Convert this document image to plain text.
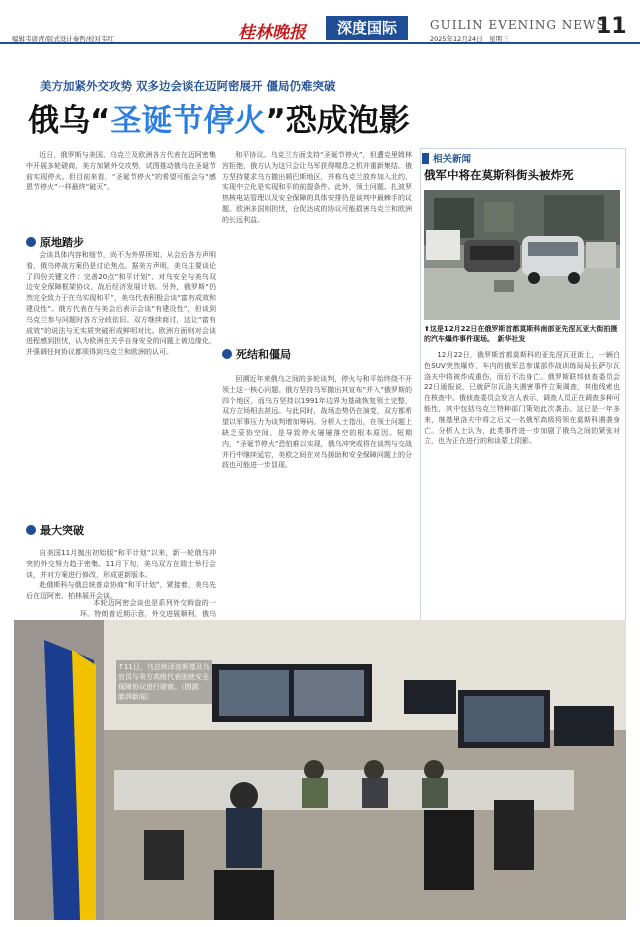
编辑韦唐青/版式设计秦哲/校对韦红	桂林晚报	深度国际	GUILIN EVENING NEWS
2025年12月24日　星期三	11
美方加紧外交攻势 双多边会谈在迈阿密展开 僵局仍难突破
俄乌“圣诞节停火”恐成泡影
近日，俄罗斯与美国、乌克兰及欧洲各方代表在迈阿密集中开展多轮磋商，美方加紧外交攻势，试图推动俄乌在圣诞节前实现停火。但目前来看，“圣诞节停火”的希望可能会与“感恩节停火”一样最终“破灭”。
原地踏步
会谈具体内容和细节，尚不为外界所知。从会后各方声明看，俄乌停战方案仍是讨论焦点。据美方声明，美乌主要谈论了四份关键文件：完善20点“和平计划”、对乌安全与美乌双边安全保障框架协议、战后经济发展计划。另外，俄罗斯“仍然完全致力于在乌实现和平”，美乌代表积极会谈“富有成效和建设性”。俄方代表在与美会后表示会谈“有建设性”，但谈到乌克兰参与问题时各方分歧依旧。双方继续商讨，这让“富有成效”的说法与无实质突破形成鲜明对比。欧洲方面则对会谈进程感到担忧，认为欧洲在关乎自身安全的问题上被边缘化，并强调任何协议都须得到乌克兰和欧洲的认可。
最大突破
自美国11月抛出初始版“和平计划”以来，新一轮俄乌冲突的外交努力趋于密集。11月下旬，美乌双方在瑞士举行会谈，并对方案进行修改，形成更新版本。
赴俄斯科与俄总统普京协商“和平计划”，紧接着，美乌先后在迈阿密、柏林展开会谈。
本轮迈阿密会谈也是系列外交斡旋的一环。特朗普近期示意，外交进展顺利，俄乌
和平协议。乌克兰方面支持“圣诞节停火”，但遭克里姆林宫拒绝，俄方认为这只会让乌军获得喘息之机并重新集结。俄方坚持要求乌方撤出顿巴斯地区，并称乌克兰放弃加入北约、实现中立化是实现和平的前提条件。此外，领土问题、扎波罗热核电站管理以及安全保障的具体安排仍是谈判中最棘手的议题。欧洲多国则担忧，仓促达成的协议可能损害乌克兰和欧洲的长远利益。
死结和僵局
回溯近年来俄乌之间的多轮谈判，停火与和平始终绕不开领土这一核心问题。俄方坚持乌军撤出其宣布“并入”俄罗斯的四个地区，而乌方坚持以1991年边界为基础恢复领土完整，双方立场相去甚远。与此同时，战场态势仍在演变，双方都希望以军事压力为谈判增加筹码。分析人士指出，在领土问题上缺乏妥协空间，是导致停火屡屡落空的根本原因。短期内，“圣诞节停火”恐怕难以实现，俄乌冲突或将在谈判与交战并行中继续延宕，美欧之间在对乌援助和安全保障问题上的分歧也可能进一步显现。
相关新闻
俄军中将在莫斯科街头被炸死
⬆这是12月22日在俄罗斯首都莫斯科南部亚先涅瓦亚大街拍摄的汽车爆炸事件现场。　新华社发
12月22日，俄罗斯首都莫斯科的亚先涅瓦亚街上，一辆白色SUV突然爆炸，车内的俄军总参谋部作战训练局局长萨尔瓦洛夫中将被炸成重伤，而后不治身亡。俄罗斯联邦侦查委员会22日通报说，已就萨尔瓦洛夫遇害事件立案调查，其他线索也在核查中。俄侦查委员会发言人表示，调查人员正在调查多种可能性，其中包括乌克兰特种部门策划此次袭击。这已是一年多来，继基里洛夫中将之后又一名俄军高级将领在莫斯科遇袭身亡。分析人士认为，此类事件进一步加剧了俄乌之间的紧张对立，也为正在进行的和谈蒙上阴影。
↑11日，乌总统泽连斯基及乌官员与美方高级代表团就安全保障协议进行磋商。（图源：澎湃新闻）
